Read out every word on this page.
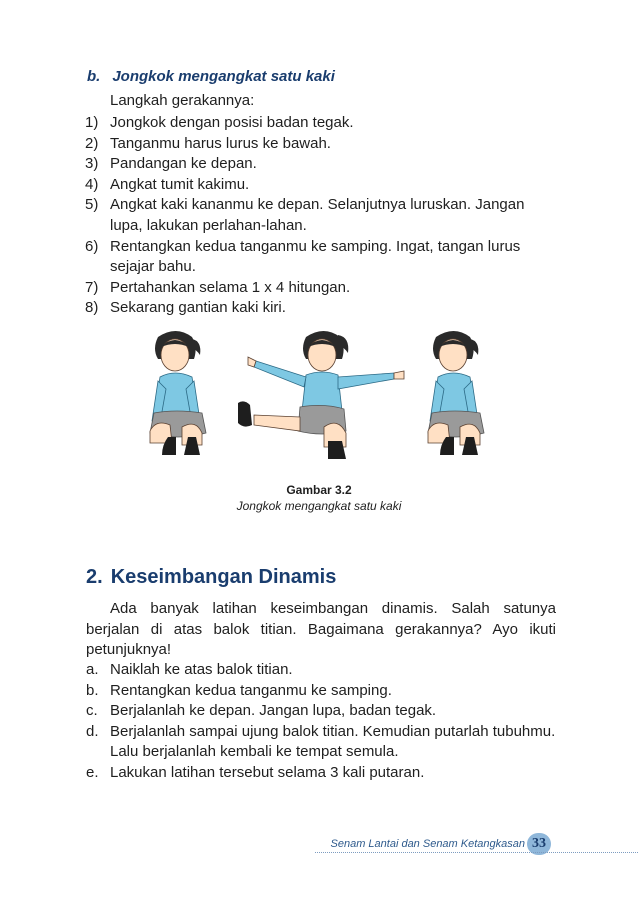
b. Jongkok mengangkat satu kaki
Langkah gerakannya:
1) Jongkok dengan posisi badan tegak.
2) Tanganmu harus lurus ke bawah.
3) Pandangan ke depan.
4) Angkat tumit kakimu.
5) Angkat kaki kananmu ke depan. Selanjutnya luruskan. Jangan lupa, lakukan perlahan-lahan.
6) Rentangkan kedua tanganmu ke samping. Ingat, tangan lurus sejajar bahu.
7) Pertahankan selama 1 x 4 hitungan.
8) Sekarang gantian kaki kiri.
Gambar 3.2
Jongkok mengangkat satu kaki
2. Keseimbangan Dinamis
Ada banyak latihan keseimbangan dinamis. Salah satunya
berjalan di atas balok titian. Bagaimana gerakannya? Ayo ikuti
petunjuknya!
a. Naiklah ke atas balok titian.
b. Rentangkan kedua tanganmu ke samping.
c. Berjalanlah ke depan. Jangan lupa, badan tegak.
d. Berjalanlah sampai ujung balok titian. Kemudian putarlah tubuhmu. Lalu berjalanlah kembali ke tempat semula.
e. Lakukan latihan tersebut selama 3 kali putaran.
Senam Lantai dan Senam Ketangkasan 33
